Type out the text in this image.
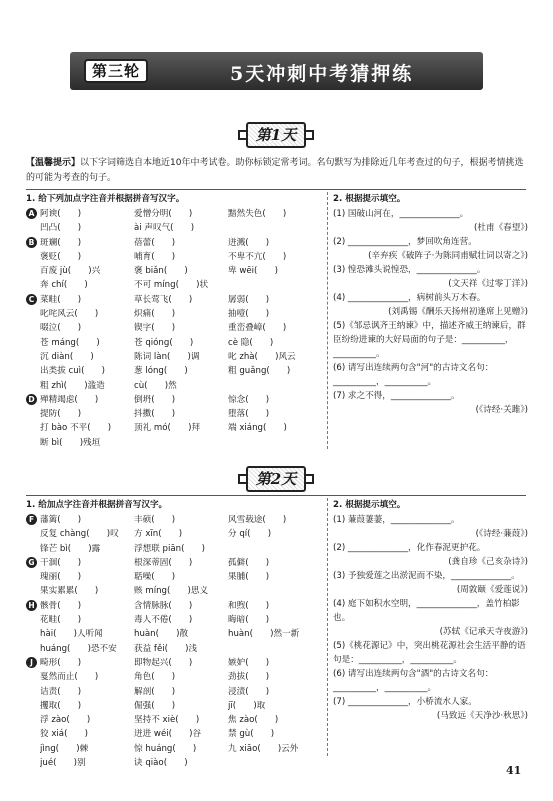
第三轮	5天冲刺中考猜押练
第1天
【温馨提示】以下字词筛选自本地近10年中考试卷。助你标锁定常考词。名句默写为排除近几年考查过的句子，根据考情挑选的可能为考查的句子。
1. 给下列加点字注音并根据拼音写汉字。
A 阿谀(　　)	爱憎分明(　　)	黯然失色(　　)
凹凸(　　)	ài 声叹气(　　)
B 斑斓(　　)	蓓蕾(　　)	迸溅(　　)
褒贬(　　)	哺育(　　)	不卑不亢(　　)
百废 jù(　　)兴	褒 biǎn(　　)	卑 wēi(　　)
奔 chí(　　)	不可 míng(　　)状
C 菜畦(　　)	草长莺飞(　　)	孱弱(　　)
叱咤风云(　　)	炽痛(　　)	抽噎(　　)
啜泣(　　)	锲字(　　)	重峦叠嶂(　　)
苍 máng(　　)	苍 qióng(　　)	cè 隐(　　)
沉 diàn(　　)	陈词 làn(　　)调	叱 zhà(　　)风云
出类拔 cuì(　　)	葱 lóng(　　)	粗 guǎng(　　)
粗 zhì(　　)滥造	cù(　　)然
D 殚精竭虑(　　)	倒坍(　　)	惊念(　　)
提防(　　)	抖擞(　　)	堕落(　　)
打 bào 不平(　　)	顶礼 mó(　　)拜	端 xiáng(　　)
断 bì(　　)残垣
2. 根据提示填空。
(1) 国破山河在，______________。
(杜甫《春望》)
(2) ______________，梦回吹角连营。
(辛弃疾《破阵子·为陈同甫赋壮词以寄之》)
(3) 惶恐滩头说惶恐，______________。
(文天祥《过零丁洋》)
(4) ______________，病树前头万木春。
(刘禹锡《酬乐天扬州初逢席上见赠》)
(5)《邹忌讽齐王纳谏》中，描述齐威王纳谏后，群臣纷纷进谏的大好局面的句子是：__________，__________。
(6) 请写出连续两句含"河"的古诗文名句：__________，__________。
(7) 求之不得，______________。
(《诗经·关雎》)
第2天
1. 给加点字注音并根据拼音写汉字。
F 藩篱(　　)	丰硕(　　)	风雪载途(　　)
反复 chàng(　　)叹	方 xīn(　　)	分 qí(　　)
锋芒 bì(　　)露	浮想联 piān(　　)
G 干涸(　　)	根深蒂固(　　)	孤僻(　　)
瑰丽(　　)	聒噪(　　)	果脯(　　)
果实累累(　　)	赅 míng(　　)思义
H 骸骨(　　)	含情脉脉(　　)	和煦(　　)
花畦(　　)	毒人不倦(　　)	晦暗(　　)
hài(　　)人听闻	huàn(　　)散	huàn(　　)然一新
huáng(　　)恐不安	获益 fěi(　　)浅
J 畸形(　　)	即物起兴(　　)	嫉妒(　　)
戛然而止(　　)	角色(　　)	劲拔(　　)
诘责(　　)	解剖(　　)	浸渍(　　)
攫取(　　)	倔强(　　)	jī(　　)取
浮 zào(　　)	坚持不 xiè(　　)	焦 zào(　　)
狡 xiá(　　)	迸进 wéi(　　)谷	禁 gù(　　)
jìng(　　)棘	惊 huáng(　　)	九 xiāo(　　)云外
jué(　　)别	诀 qiào(　　)
2. 根据提示填空。
(1) 蒹葭萋萋，______________。
(《诗经·蒹葭》)
(2) ______________，化作春泥更护花。
(龚自珍《己亥杂诗》)
(3) 予独爱莲之出淤泥而不染，______________。
(周敦颐《爱莲说》)
(4) 庭下如积水空明，______________，盖竹柏影也。
(苏轼《记承天寺夜游》)
(5)《桃花源记》中，突出桃花源社会生活平静的语句是：__________，__________。
(6) 请写出连续两句含"酒"的古诗文名句：__________，__________。
(7) ______________，小桥流水人家。
(马致远《天净沙·秋思》)
41
